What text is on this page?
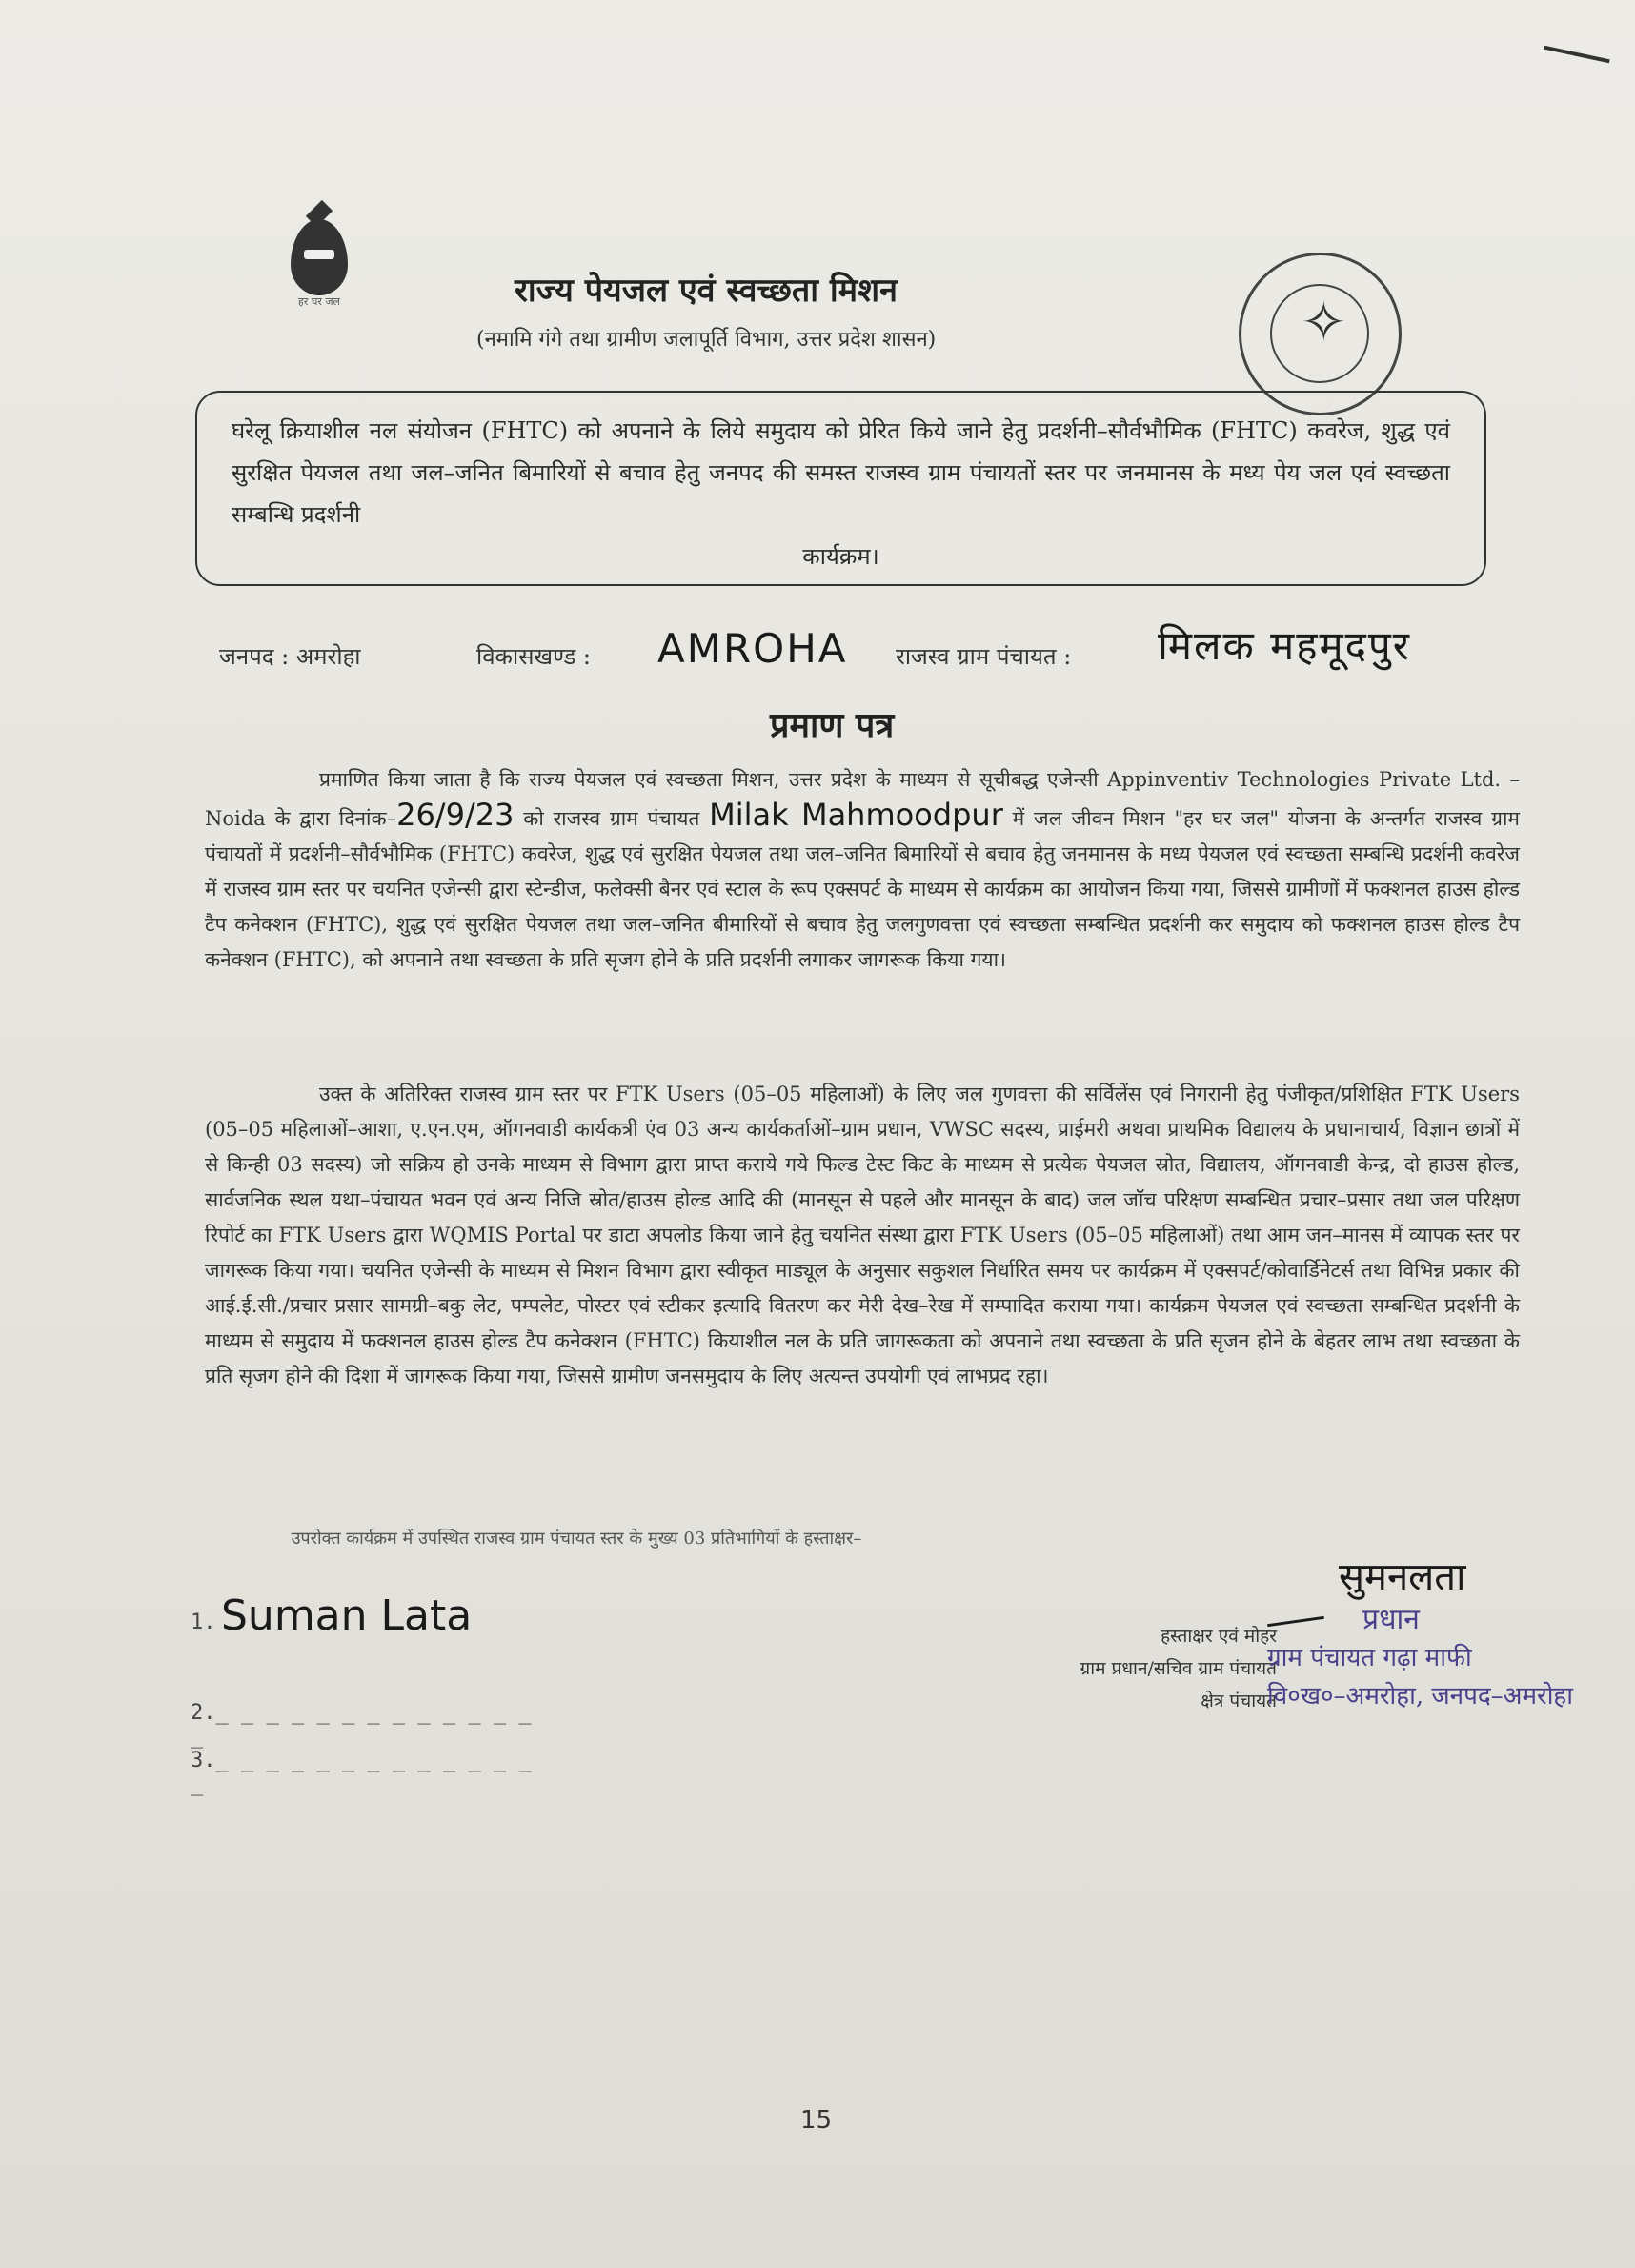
हर घर जल	राज्य पेयजल एवं स्वच्छता मिशन
(नमामि गंगे तथा ग्रामीण जलापूर्ति विभाग, उत्तर प्रदेश शासन)
	✧
घरेलू क्रियाशील नल संयोजन (FHTC) को अपनाने के लिये समुदाय को प्रेरित किये जाने हेतु प्रदर्शनी–सौर्वभौमिक (FHTC) कवरेज, शुद्ध एवं सुरक्षित पेयजल तथा जल–जनित बिमारियों से बचाव हेतु जनपद की समस्त राजस्व ग्राम पंचायतों स्तर पर जनमानस के मध्य पेय जल एवं स्वच्छता सम्बन्धि प्रदर्शनी
कार्यक्रम।
जनपद : अमरोहा	विकासखण्ड : AMROHA राजस्व ग्राम पंचायत : मिलक महमूदपुर
प्रमाण पत्र
प्रमाणित किया जाता है कि राज्य पेयजल एवं स्वच्छता मिशन, उत्तर प्रदेश के माध्यम से सूचीबद्ध एजेन्सी Appinventiv Technologies Private Ltd. – Noida के द्वारा दिनांक–26/9/23 को राजस्व ग्राम पंचायत Milak Mahmoodpur में जल जीवन मिशन "हर घर जल" योजना के अन्तर्गत राजस्व ग्राम पंचायतों में प्रदर्शनी–सौर्वभौमिक (FHTC) कवरेज, शुद्ध एवं सुरक्षित पेयजल तथा जल–जनित बिमारियों से बचाव हेतु जनमानस के मध्य पेयजल एवं स्वच्छता सम्बन्धि प्रदर्शनी कवरेज में राजस्व ग्राम स्तर पर चयनित एजेन्सी द्वारा स्टेन्डीज, फलेक्सी बैनर एवं स्टाल के रूप एक्सपर्ट के माध्यम से कार्यक्रम का आयोजन किया गया, जिससे ग्रामीणों में फक्शनल हाउस होल्ड टैप कनेक्शन (FHTC), शुद्ध एवं सुरक्षित पेयजल तथा जल–जनित बीमारियों से बचाव हेतु जलगुणवत्ता एवं स्वच्छता सम्बन्धित प्रदर्शनी कर समुदाय को फक्शनल हाउस होल्ड टैप कनेक्शन (FHTC), को अपनाने तथा स्वच्छता के प्रति सृजग होने के प्रति प्रदर्शनी लगाकर जागरूक किया गया।
उक्त के अतिरिक्त राजस्व ग्राम स्तर पर FTK Users (05–05 महिलाओं) के लिए जल गुणवत्ता की सर्विलेंस एवं निगरानी हेतु पंजीकृत/प्रशिक्षित FTK Users (05–05 महिलाओं–आशा, ए.एन.एम, ऑगनवाडी कार्यकत्री एंव 03 अन्य कार्यकर्ताओं–ग्राम प्रधान, VWSC सदस्य, प्राईमरी अथवा प्राथमिक विद्यालय के प्रधानाचार्य, विज्ञान छात्रों में से किन्ही 03 सदस्य) जो सक्रिय हो उनके माध्यम से विभाग द्वारा प्राप्त कराये गये फिल्ड टेस्ट किट के माध्यम से प्रत्येक पेयजल स्रोत, विद्यालय, ऑगनवाडी केन्द्र, दो हाउस होल्ड, सार्वजनिक स्थल यथा–पंचायत भवन एवं अन्य निजि स्रोत/हाउस होल्ड आदि की (मानसून से पहले और मानसून के बाद) जल जॉच परिक्षण सम्बन्धित प्रचार–प्रसार तथा जल परिक्षण रिपोर्ट का FTK Users द्वारा WQMIS Portal पर डाटा अपलोड किया जाने हेतु चयनित संस्था द्वारा FTK Users (05–05 महिलाओं) तथा आम जन–मानस में व्यापक स्तर पर जागरूक किया गया। चयनित एजेन्सी के माध्यम से मिशन विभाग द्वारा स्वीकृत माड्यूल के अनुसार सकुशल निर्धारित समय पर कार्यक्रम में एक्सपर्ट/कोवार्डिनेटर्स तथा विभिन्न प्रकार की आई.ई.सी./प्रचार प्रसार सामग्री–बकु लेट, पम्पलेट, पोस्टर एवं स्टीकर इत्यादि वितरण कर मेरी देख–रेख में सम्पादित कराया गया। कार्यक्रम पेयजल एवं स्वच्छता सम्बन्धित प्रदर्शनी के माध्यम से समुदाय में फक्शनल हाउस होल्ड टैप कनेक्शन (FHTC) कियाशील नल के प्रति जागरूकता को अपनाने तथा स्वच्छता के प्रति सृजन होने के बेहतर लाभ तथा स्वच्छता के प्रति सृजग होने की दिशा में जागरूक किया गया, जिससे ग्रामीण जनसमुदाय के लिए अत्यन्त उपयोगी एवं लाभप्रद रहा।
उपरोक्त कार्यक्रम में उपस्थित राजस्व ग्राम पंचायत स्तर के मुख्य 03 प्रतिभागियों के हस्ताक्षर–
1. Suman Lata
2._ _ _ _ _ _ _ _ _ _ _ _ _ _
3._ _ _ _ _ _ _ _ _ _ _ _ _ _
सुमनलता
हस्ताक्षर एवं मोहर
ग्राम प्रधान/सचिव ग्राम पंचायत
क्षेत्र पंचायत
प्रधान
ग्राम पंचायत गढ़ा माफी
वि०ख०–अमरोहा, जनपद–अमरोहा
15
